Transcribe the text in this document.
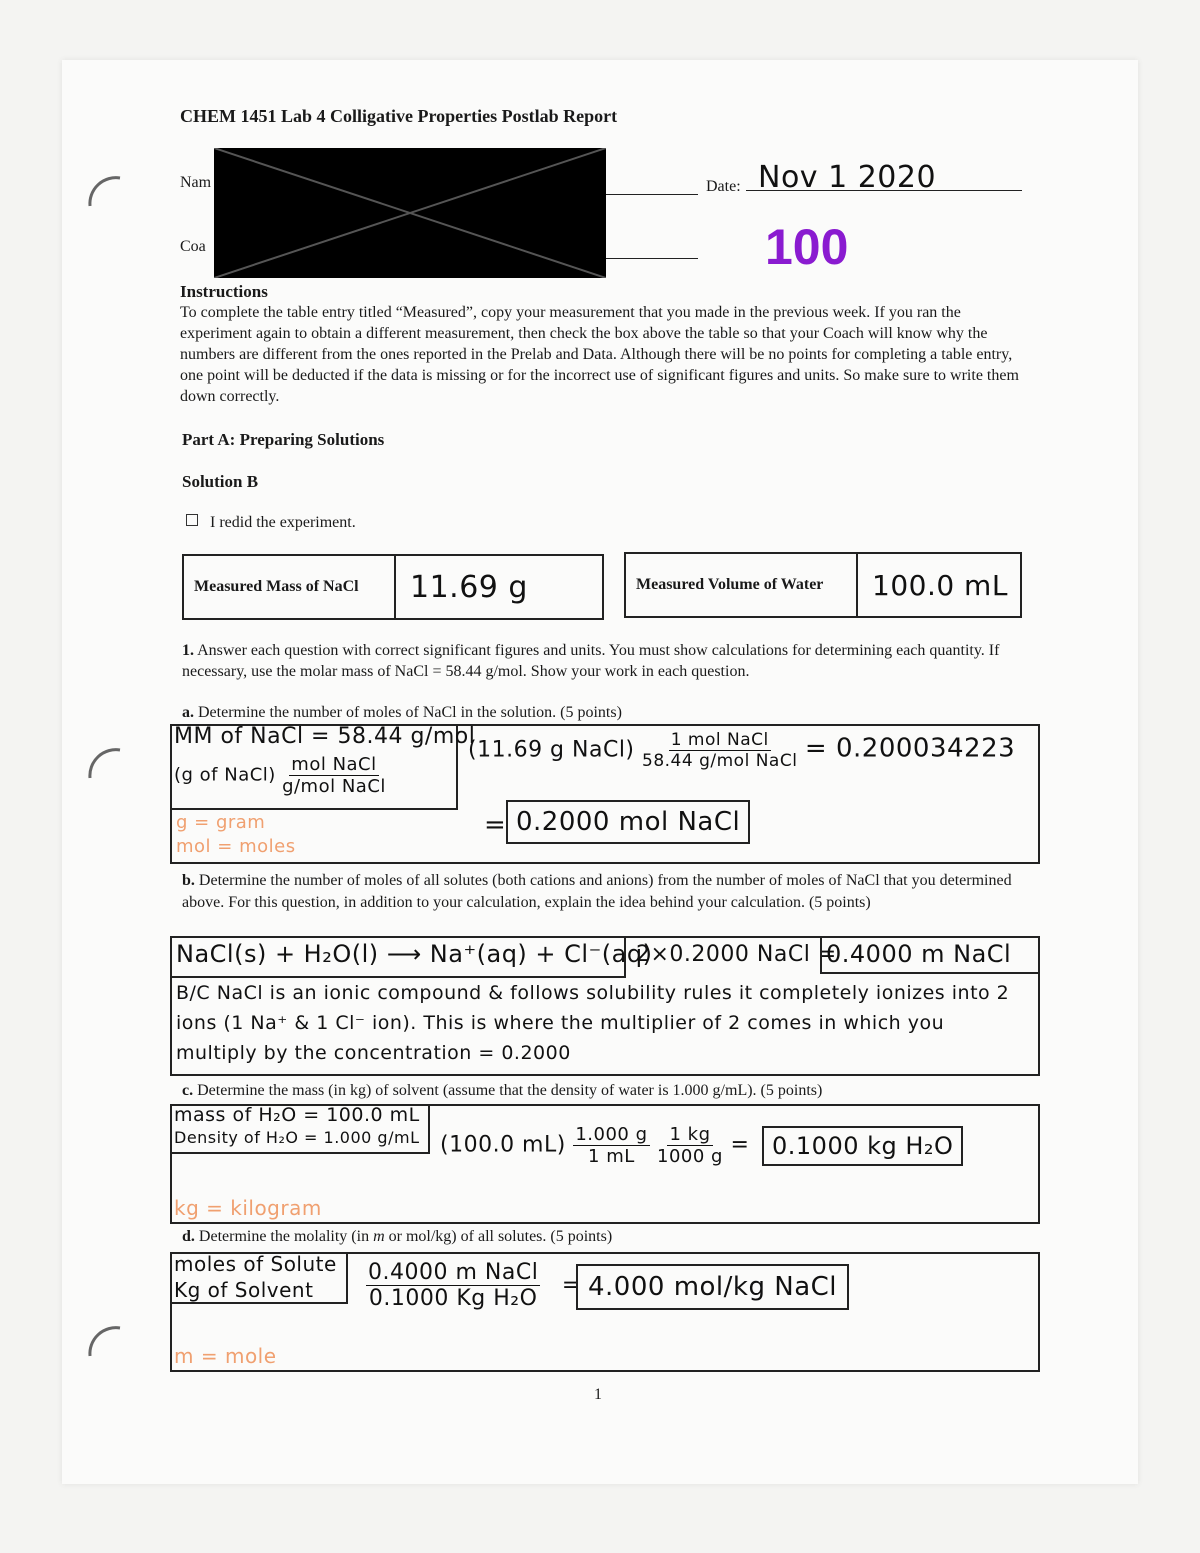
CHEM 1451 Lab 4 Colligative Properties Postlab Report
Nam
Coa
Date: Nov 1 2020
100
Instructions
To complete the table entry titled “Measured”, copy your measurement that you made in the previous week. If you ran the experiment again to obtain a different measurement, then check the box above the table so that your Coach will know why the numbers are different from the ones reported in the Prelab and Data. Although there will be no points for completing a table entry, one point will be deducted if the data is missing or for the incorrect use of significant figures and units. So make sure to write them down correctly.
Part A: Preparing Solutions
Solution B
I redid the experiment.
Measured Mass of NaCl	11.69 g	Measured Volume of Water	100.0 mL
1. Answer each question with correct significant figures and units. You must show calculations for determining each quantity. If necessary, use the molar mass of NaCl = 58.44 g/mol. Show your work in each question.
a. Determine the number of moles of NaCl in the solution. (5 points)
MM of NaCl = 58.44 g/mol
(g of NaCl) $\frac{\text{mol NaCl}}{\text{g/mol NaCl}}$
(11.69 g NaCl) $\frac{\text{1 mol NaCl}}{\text{58.44 g/mol NaCl}} = 0.200034223$
= 0.2000 mol NaCl
g = gram
mol = moles
b. Determine the number of moles of all solutes (both cations and anions) from the number of moles of NaCl that you determined above. For this question, in addition to your calculation, explain the idea behind your calculation. (5 points)
NaCl(s) + H₂O(l) ⟶ Na⁺(aq) + Cl⁻(aq)
2×0.2000 NaCl =
0.4000 m NaCl
B/C NaCl is an ionic compound & follows solubility rules it completely ionizes into 2 ions (1 Na⁺ & 1 Cl⁻ ion). This is where the multiplier of 2 comes in which you multiply by the concentration = 0.2000
c. Determine the mass (in kg) of solvent (assume that the density of water is 1.000 g/mL). (5 points)
mass of H₂O = 100.0 mL
Density of H₂O = 1.000 g/mL (100.0 $mL) \frac{1.000 g}{1 mL}$
$\frac{1 kg}{1000 g} = 0.1000$ kg H₂O
kg = kilogram
d. Determine the molality (in m or mol/kg) of all solutes. (5 points)
moles of Solute
Kg of Solvent $\frac{\text{0.4000 m NaCl}}{\text{0.1000 Kg H₂O}} = 4.000$ mol/kg NaCl
m = mole
1
